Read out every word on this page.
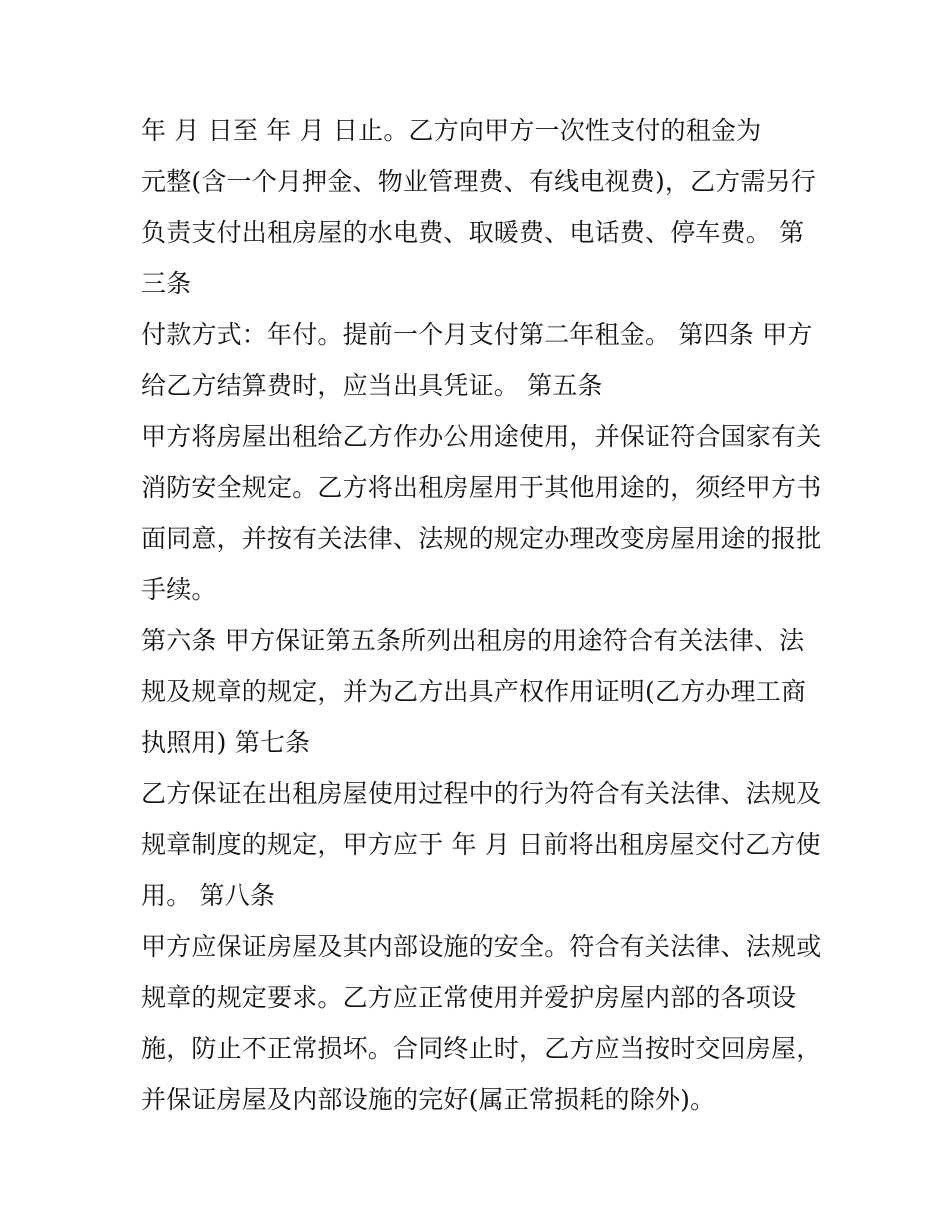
年 月 日至 年 月 日止。乙方向甲方一次性支付的租金为
元整(含一个月押金、物业管理费、有线电视费)，乙方需另行
负责支付出租房屋的水电费、取暖费、电话费、停车费。 第
三条
付款方式：年付。提前一个月支付第二年租金。 第四条 甲方
给乙方结算费时，应当出具凭证。 第五条
甲方将房屋出租给乙方作办公用途使用，并保证符合国家有关
消防安全规定。乙方将出租房屋用于其他用途的，须经甲方书
面同意，并按有关法律、法规的规定办理改变房屋用途的报批
手续。
第六条 甲方保证第五条所列出租房的用途符合有关法律、法
规及规章的规定，并为乙方出具产权作用证明(乙方办理工商
执照用) 第七条
乙方保证在出租房屋使用过程中的行为符合有关法律、法规及
规章制度的规定，甲方应于 年 月 日前将出租房屋交付乙方使
用。 第八条
甲方应保证房屋及其内部设施的安全。符合有关法律、法规或
规章的规定要求。乙方应正常使用并爱护房屋内部的各项设
施，防止不正常损坏。合同终止时，乙方应当按时交回房屋，
并保证房屋及内部设施的完好(属正常损耗的除外)。
